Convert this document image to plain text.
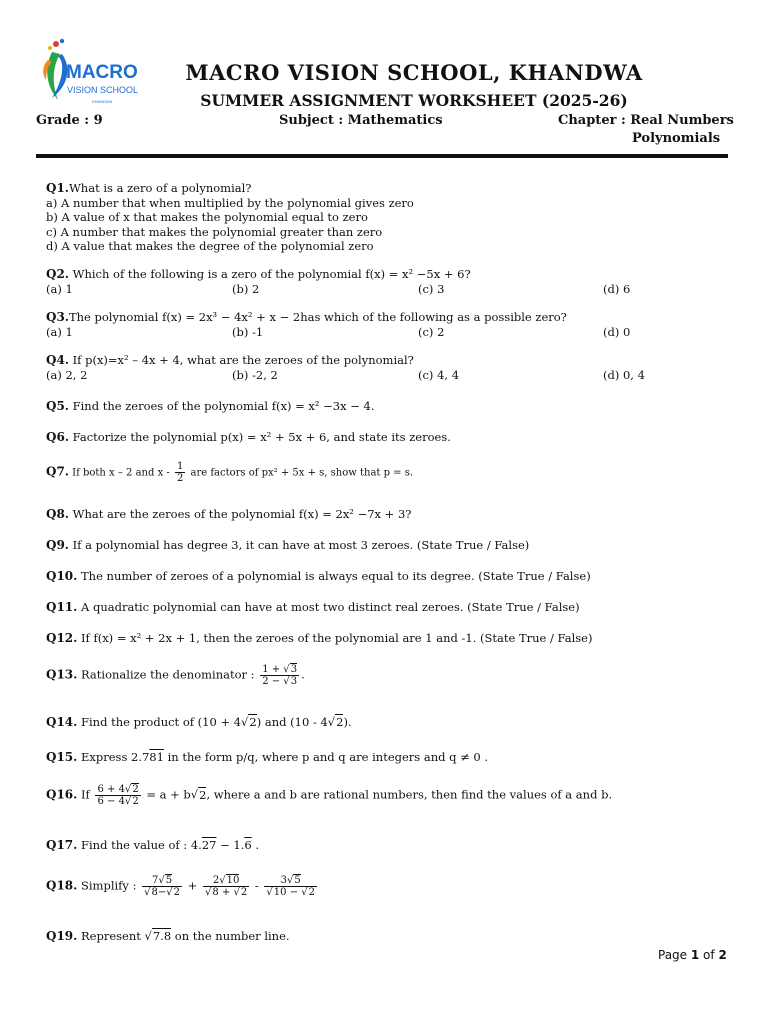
MACRO
VISION SCHOOL
KHANDWA
MACRO VISION SCHOOL, KHANDWA
SUMMER ASSIGNMENT WORKSHEET (2025-26)
Grade : 9	Subject : Mathematics	Chapter : Real Numbers
Polynomials
Q1.What is a zero of a polynomial?
a) A number that when multiplied by the polynomial gives zero
b) A value of x that makes the polynomial equal to zero
c) A number that makes the polynomial greater than zero
d) A value that makes the degree of the polynomial zero
Q2. Which of the following is a zero of the polynomial f(x) = x² −5x + 6?
(a) 1	(b) 2	(c) 3	(d) 6
Q3.The polynomial f(x) = 2x³ − 4x² + x − 2has which of the following as a possible zero?
(a) 1	(b) -1	(c) 2	(d) 0
Q4. If p(x)=x² – 4x + 4, what are the zeroes of the polynomial?
(a) 2, 2	(b) -2, 2	(c) 4, 4	(d) 0, 4
Q5. Find the zeroes of the polynomial f(x) = x² −3x − 4.
Q6. Factorize the polynomial p(x) = x² + 5x + 6, and state its zeroes.
Q7. If both x – 2 and x - $\frac{1}{2}$ are factors of px² + 5x + s, show that p = s.
Q8. What are the zeroes of the polynomial f(x) = 2x² −7x + 3?
Q9. If a polynomial has degree 3, it can have at most 3 zeroes. (State True / False)
Q10. The number of zeroes of a polynomial is always equal to its degree. (State True / False)
Q11. A quadratic polynomial can have at most two distinct real zeroes. (State True / False)
Q12. If f(x) = x² + 2x + 1, then the zeroes of the polynomial are 1 and -1. (State True / False)
Q13. Rationalize the denominator : $\frac{1 + √3}{2 - √3}$ .
Q14. Find the product of (10 + 4√2) and (10 - 4√2).
Q15. Express 2.781 in the form p/q, where p and q are integers and q ≠ 0 .
Q16. If $\frac{6 + 4√2}{6 - 4√2} = a + b√2$, where a and b are rational numbers, then find the values of a and b.
Q17. Find the value of : 4.27 − 1.6 .
Q18. Simplify : $\frac{7√5}{√8-√2} + \frac{2√10}{√8 + √2} - \frac{3√5}{√10 - √2}$
Q19. Represent √7.8 on the number line.
Page 1 of 2
